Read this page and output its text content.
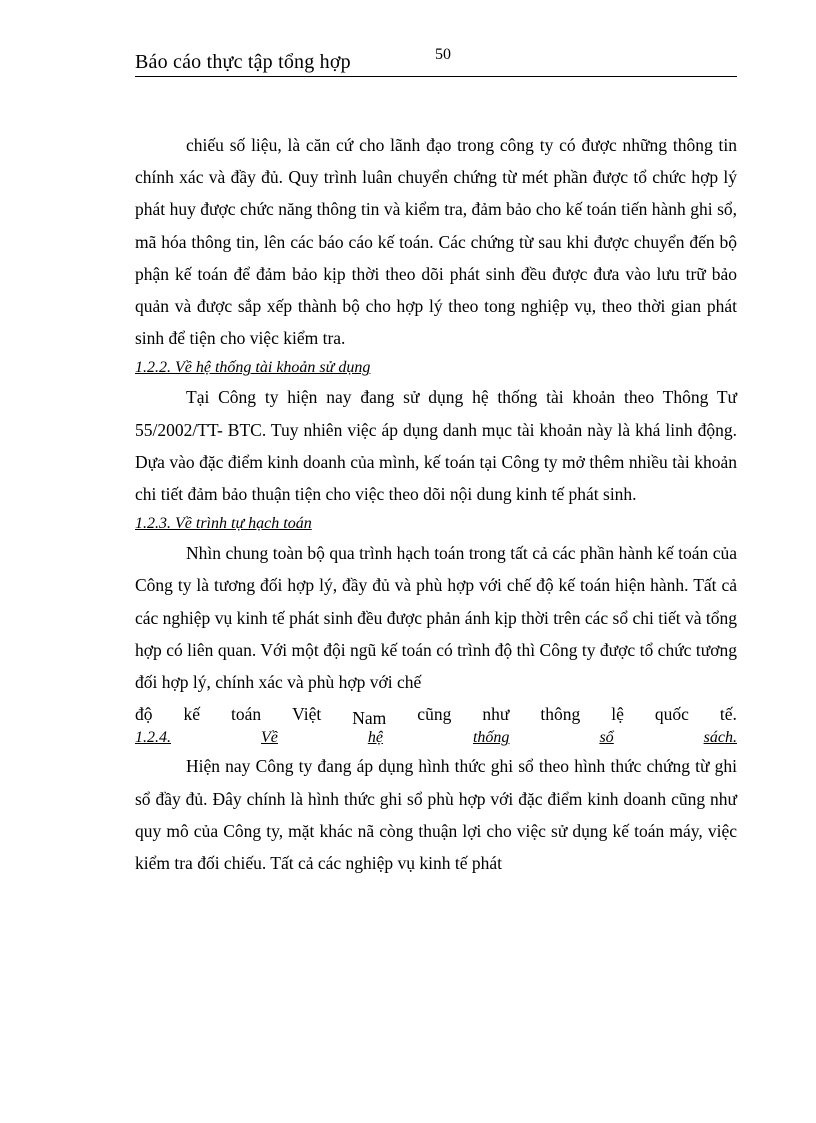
Báo cáo thực tập tổng hợp	50

chiếu số liệu, là căn cứ cho lãnh đạo trong công ty có được những thông tin chính xác và đầy đủ. Quy trình luân chuyển chứng từ mét phần được tổ chức hợp lý phát huy được chức năng thông tin và kiểm tra, đảm bảo cho kế toán tiến hành ghi sổ, mã hóa thông tin, lên các báo cáo kế toán. Các chứng từ sau khi được chuyển đến bộ phận kế toán để đảm bảo kịp thời theo dõi phát sinh đều được đưa vào lưu trữ bảo quản và được sắp xếp thành bộ cho hợp lý theo tong nghiệp vụ, theo thời gian phát sinh để tiện cho việc kiểm tra.

1.2.2. Về hệ thống tài khoản sử dụng

Tại Công ty hiện nay đang sử dụng hệ thống tài khoản theo Thông Tư 55/2002/TT- BTC. Tuy nhiên việc áp dụng danh mục tài khoản này là khá linh động. Dựa vào đặc điểm kinh doanh của mình, kế toán tại Công ty mở thêm nhiều tài khoản chi tiết đảm bảo thuận tiện cho việc theo dõi nội dung kinh tế phát sinh.

1.2.3. Về trình tự hạch toán

Nhìn chung toàn bộ qua trình hạch toán trong tất cả các phần hành kế toán của Công ty là tương đối hợp lý, đầy đủ và phù hợp với chế độ kế toán hiện hành. Tất cả các nghiệp vụ kinh tế phát sinh đều được phản ánh kịp thời trên các sổ chi tiết và tổng hợp có liên quan. Với một đội ngũ kế toán có trình độ thì Công ty được tổ chức tương đối hợp lý, chính xác và phù hợp với chế

độ kế toán Việt Nam cũng như thông lệ quốc tế.
1.2.4.	Về	hệ	thống	sổ	sách.

Hiện nay Công ty đang áp dụng hình thức ghi sổ theo hình thức chứng từ ghi sổ đầy đủ. Đây chính là hình thức ghi sổ phù hợp với đặc điểm kinh doanh cũng như quy mô của Công ty, mặt khác nã còng thuận lợi cho việc sử dụng kế toán máy, việc kiểm tra đối chiếu. Tất cả các nghiệp vụ kinh tế phát
